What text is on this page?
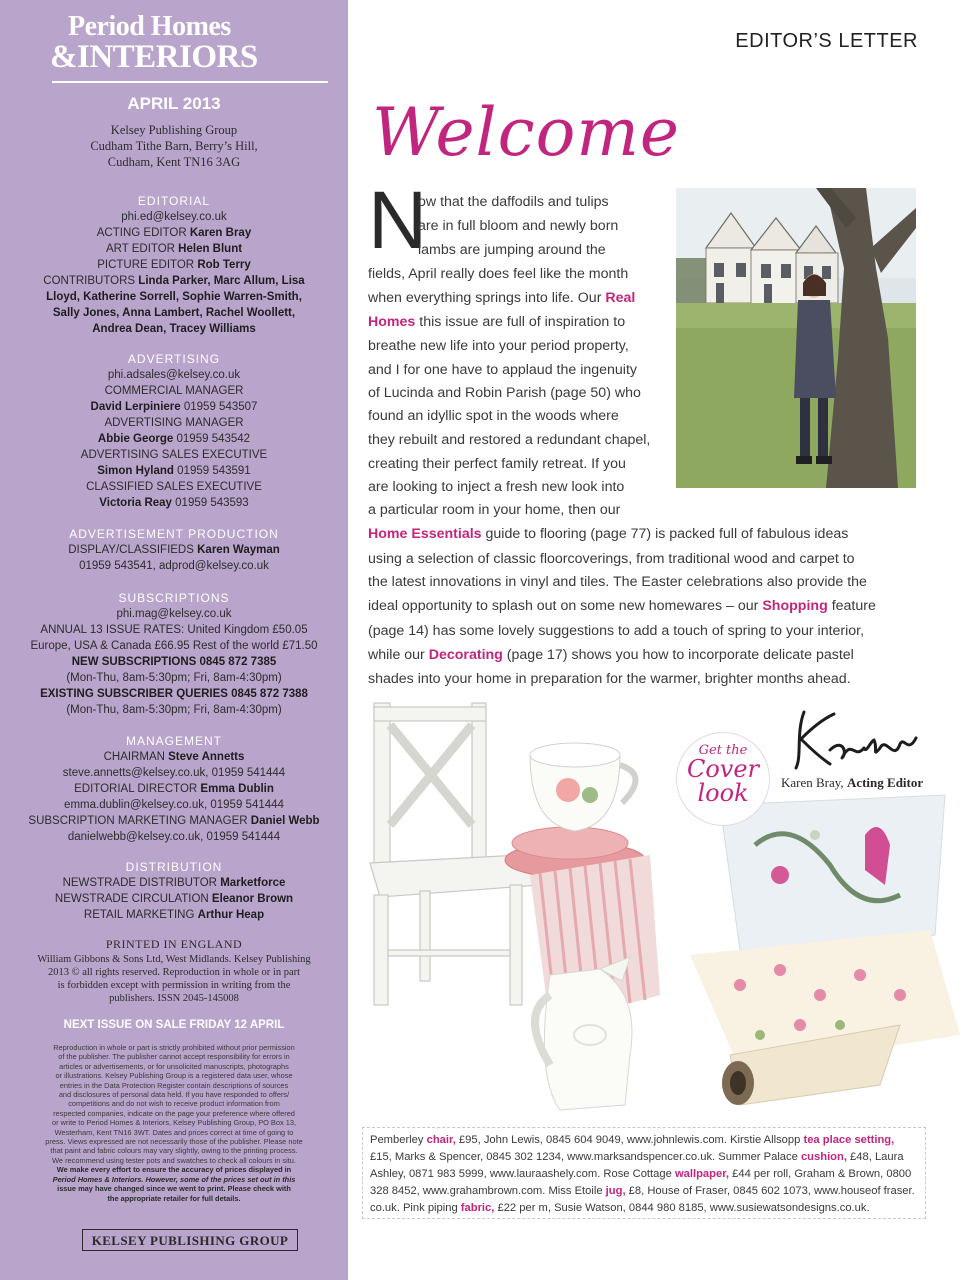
Period Homes
&INTERIORS
APRIL 2013
Kelsey Publishing Group
Cudham Tithe Barn, Berry’s Hill,
Cudham, Kent TN16 3AG
EDITORIAL
phi.ed@kelsey.co.uk
ACTING EDITOR Karen Bray
ART EDITOR Helen Blunt
PICTURE EDITOR Rob Terry
CONTRIBUTORS Linda Parker, Marc Allum, Lisa
Lloyd, Katherine Sorrell, Sophie Warren-Smith,
Sally Jones, Anna Lambert, Rachel Woollett,
Andrea Dean, Tracey Williams
ADVERTISING
phi.adsales@kelsey.co.uk
COMMERCIAL MANAGER
David Lerpiniere 01959 543507
ADVERTISING MANAGER
Abbie George 01959 543542
ADVERTISING SALES EXECUTIVE
Simon Hyland 01959 543591
CLASSIFIED SALES EXECUTIVE
Victoria Reay 01959 543593
ADVERTISEMENT PRODUCTION
DISPLAY/CLASSIFIEDS Karen Wayman
01959 543541, adprod@kelsey.co.uk
SUBSCRIPTIONS
phi.mag@kelsey.co.uk
ANNUAL 13 ISSUE RATES: United Kingdom £50.05
Europe, USA & Canada £66.95 Rest of the world £71.50
NEW SUBSCRIPTIONS 0845 872 7385
(Mon-Thu, 8am-5:30pm; Fri, 8am-4:30pm)
EXISTING SUBSCRIBER QUERIES 0845 872 7388
(Mon-Thu, 8am-5:30pm; Fri, 8am-4:30pm)
MANAGEMENT
CHAIRMAN Steve Annetts
steve.annetts@kelsey.co.uk, 01959 541444
EDITORIAL DIRECTOR Emma Dublin
emma.dublin@kelsey.co.uk, 01959 541444
SUBSCRIPTION MARKETING MANAGER Daniel Webb
danielwebb@kelsey.co.uk, 01959 541444
DISTRIBUTION
NEWSTRADE DISTRIBUTOR Marketforce
NEWSTRADE CIRCULATION Eleanor Brown
RETAIL MARKETING Arthur Heap
PRINTED IN ENGLAND
William Gibbons & Sons Ltd, West Midlands. Kelsey Publishing
2013 © all rights reserved. Reproduction in whole or in part
is forbidden except with permission in writing from the
publishers. ISSN 2045-145008
NEXT ISSUE ON SALE FRIDAY 12 APRIL
Reproduction in whole or part is strictly prohibited without prior permission
of the publisher. The publisher cannot accept responsibility for errors in
articles or advertisements, or for unsolicited manuscripts, photographs
or illustrations. Kelsey Publishing Group is a registered data user, whose
entries in the Data Protection Register contain descriptions of sources
and disclosures of personal data held. If you have responded to offers/
competitions and do not wish to receive product information from
respected companies, indicate on the page your preference where offered
or write to Period Homes & Interiors, Kelsey Publishing Group, PO Box 13,
Westerham, Kent TN16 3WT. Dates and prices correct at time of going to
press. Views expressed are not necessarily those of the publisher. Please note
that paint and fabric colours may vary slightly, owing to the printing process.
We recommend using tester pots and swatches to check all colours in situ.
We make every effort to ensure the accuracy of prices displayed in
Period Homes & Interiors. However, some of the prices set out in this
issue may have changed since we went to print. Please check with
the appropriate retailer for full details.
KELSEY PUBLISHING GROUP
EDITOR’S LETTER
Welcome
N
ow that the daffodils and tulips
are in full bloom and newly born
lambs are jumping around the
fields, April really does feel like the month
when everything springs into life. Our Real
Homes this issue are full of inspiration to
breathe new life into your period property,
and I for one have to applaud the ingenuity
of Lucinda and Robin Parish (page 50) who
found an idyllic spot in the woods where
they rebuilt and restored a redundant chapel,
creating their perfect family retreat. If you
are looking to inject a fresh new look into
a particular room in your home, then our
Home Essentials guide to flooring (page 77) is packed full of fabulous ideas
using a selection of classic floorcoverings, from traditional wood and carpet to
the latest innovations in vinyl and tiles. The Easter celebrations also provide the
ideal opportunity to splash out on some new homewares – our Shopping feature
(page 14) has some lovely suggestions to add a touch of spring to your interior,
while our Decorating (page 17) shows you how to incorporate delicate pastel
shades into your home in preparation for the warmer, brighter months ahead.
Get the
Cover
look	Karen Bray, Acting Editor
Pemberley chair, £95, John Lewis, 0845 604 9049, www.johnlewis.com. Kirstie Allsopp tea place setting, £15, Marks & Spencer, 0845 302 1234, www.marksandspencer.co.uk. Summer Palace cushion, £48, Laura Ashley, 0871 983 5999, www.lauraashely.com. Rose Cottage wallpaper, £44 per roll, Graham & Brown, 0800 328 8452, www.grahambrown.com. Miss Etoile jug, £8, House of Fraser, 0845 602 1073, www.houseof fraser. co.uk. Pink piping fabric, £22 per m, Susie Watson, 0844 980 8185, www.susiewatsondesigns.co.uk.
